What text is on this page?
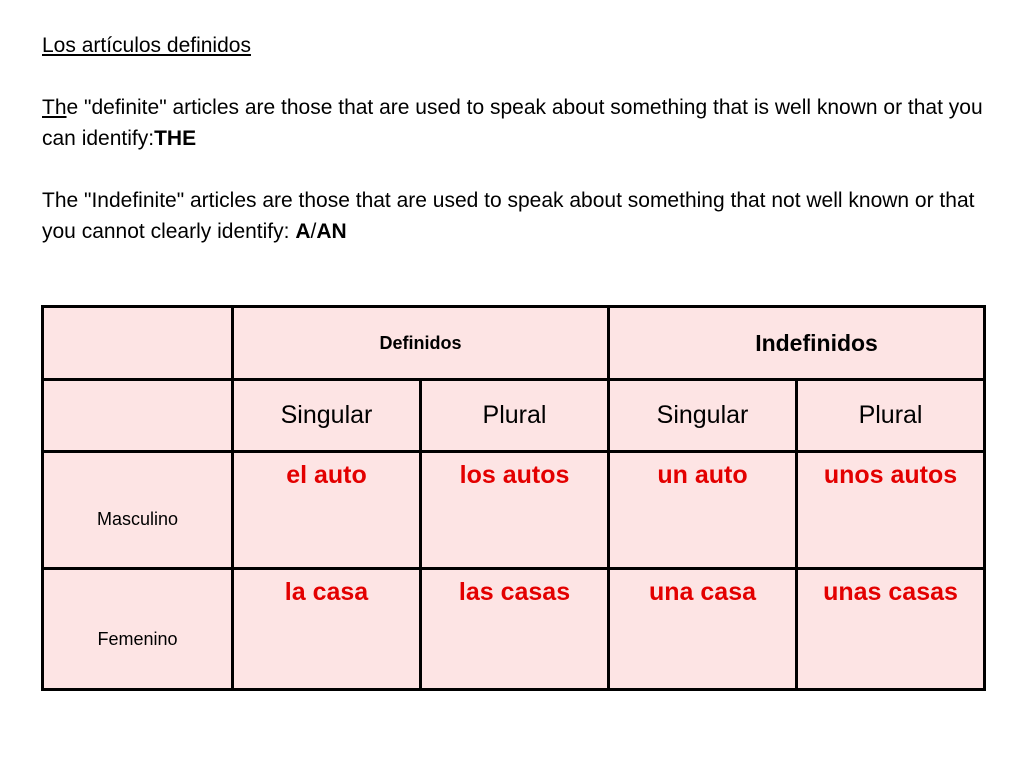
Los artículos definidos

The "definite" articles are those that are used to speak about something that is well known or that you can identify:THE

The "Indefinite" articles are those that are used to speak about something that not well known or that you cannot clearly identify: A/AN

	Definidos		Indefinidos	
	Singular	Plural	Singular	Plural
Masculino	el auto	los autos	un auto	unos autos

Femenino	la casa	las casas	una casa	unas casas
